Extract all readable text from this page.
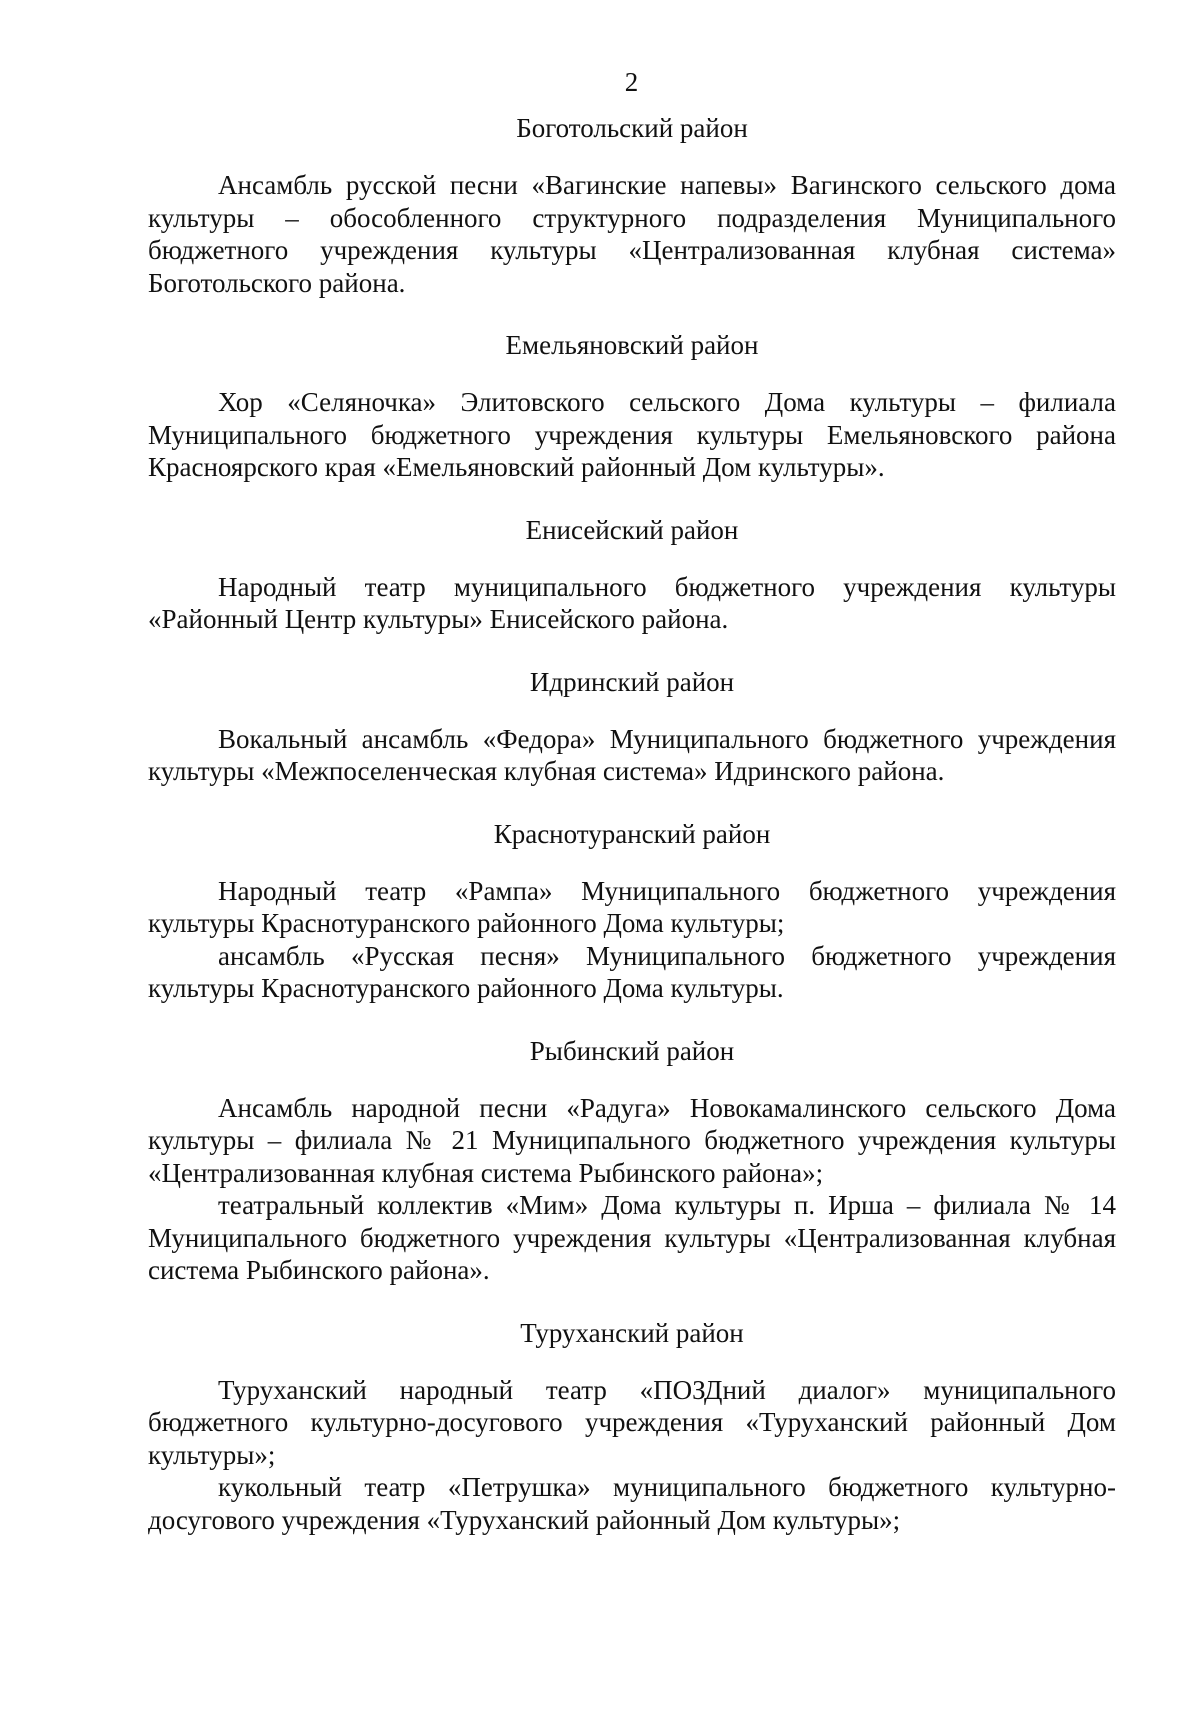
2
Боготольский район

Ансамбль русской песни «Вагинские напевы» Вагинского сельского дома культуры – обособленного структурного подразделения Муниципального бюджетного учреждения культуры «Централизованная клубная система» Боготольского района.

Емельяновский район

Хор «Селяночка» Элитовского сельского Дома культуры – филиала Муниципального бюджетного учреждения культуры Емельяновского района Красноярского края «Емельяновский районный Дом культуры».

Енисейский район

Народный театр муниципального бюджетного учреждения культуры «Районный Центр культуры» Енисейского района.

Идринский район

Вокальный ансамбль «Федора» Муниципального бюджетного учреждения культуры «Межпоселенческая клубная система» Идринского района.

Краснотуранский район

Народный театр «Рампа» Муниципального бюджетного учреждения культуры Краснотуранского районного Дома культуры;

ансамбль «Русская песня» Муниципального бюджетного учреждения культуры Краснотуранского районного Дома культуры.

Рыбинский район

Ансамбль народной песни «Радуга» Новокамалинского сельского Дома культуры – филиала № 21 Муниципального бюджетного учреждения культуры «Централизованная клубная система Рыбинского района»;

театральный коллектив «Мим» Дома культуры п. Ирша – филиала № 14 Муниципального бюджетного учреждения культуры «Централизованная клубная система Рыбинского района».

Туруханский район

Туруханский народный театр «ПОЗДний диалог» муниципального бюджетного культурно-досугового учреждения «Туруханский районный Дом культуры»;

кукольный театр «Петрушка» муниципального бюджетного культурно-досугового учреждения «Туруханский районный Дом культуры»;
